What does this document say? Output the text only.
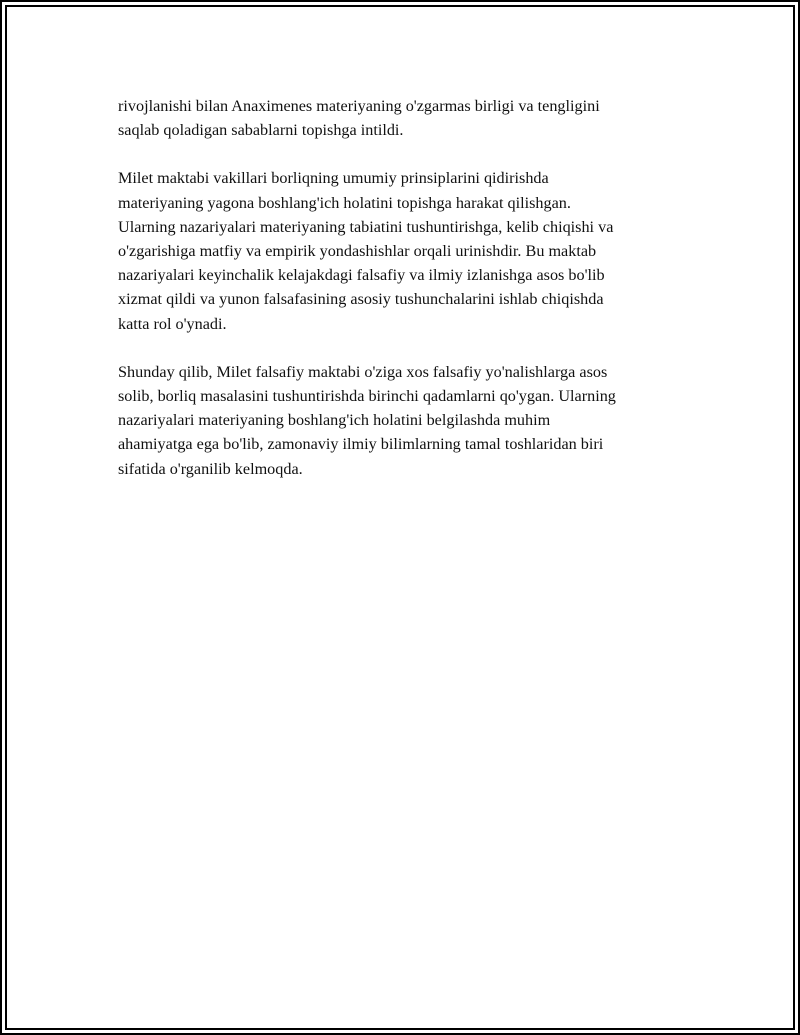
rivojlanishi bilan Anaximenes materiyaning o'zgarmas birligi va tengligini
saqlab qoladigan sabablarni topishga intildi.

Milet maktabi vakillari borliqning umumiy prinsiplarini qidirishda
materiyaning yagona boshlang'ich holatini topishga harakat qilishgan.
Ularning nazariyalari materiyaning tabiatini tushuntirishga, kelib chiqishi va
o'zgarishiga matfiy va empirik yondashishlar orqali urinishdir. Bu maktab
nazariyalari keyinchalik kelajakdagi falsafiy va ilmiy izlanishga asos bo'lib
xizmat qildi va yunon falsafasining asosiy tushunchalarini ishlab chiqishda
katta rol o'ynadi.

Shunday qilib, Milet falsafiy maktabi o'ziga xos falsafiy yo'nalishlarga asos
solib, borliq masalasini tushuntirishda birinchi qadamlarni qo'ygan. Ularning
nazariyalari materiyaning boshlang'ich holatini belgilashda muhim
ahamiyatga ega bo'lib, zamonaviy ilmiy bilimlarning tamal toshlaridan biri
sifatida o'rganilib kelmoqda.
